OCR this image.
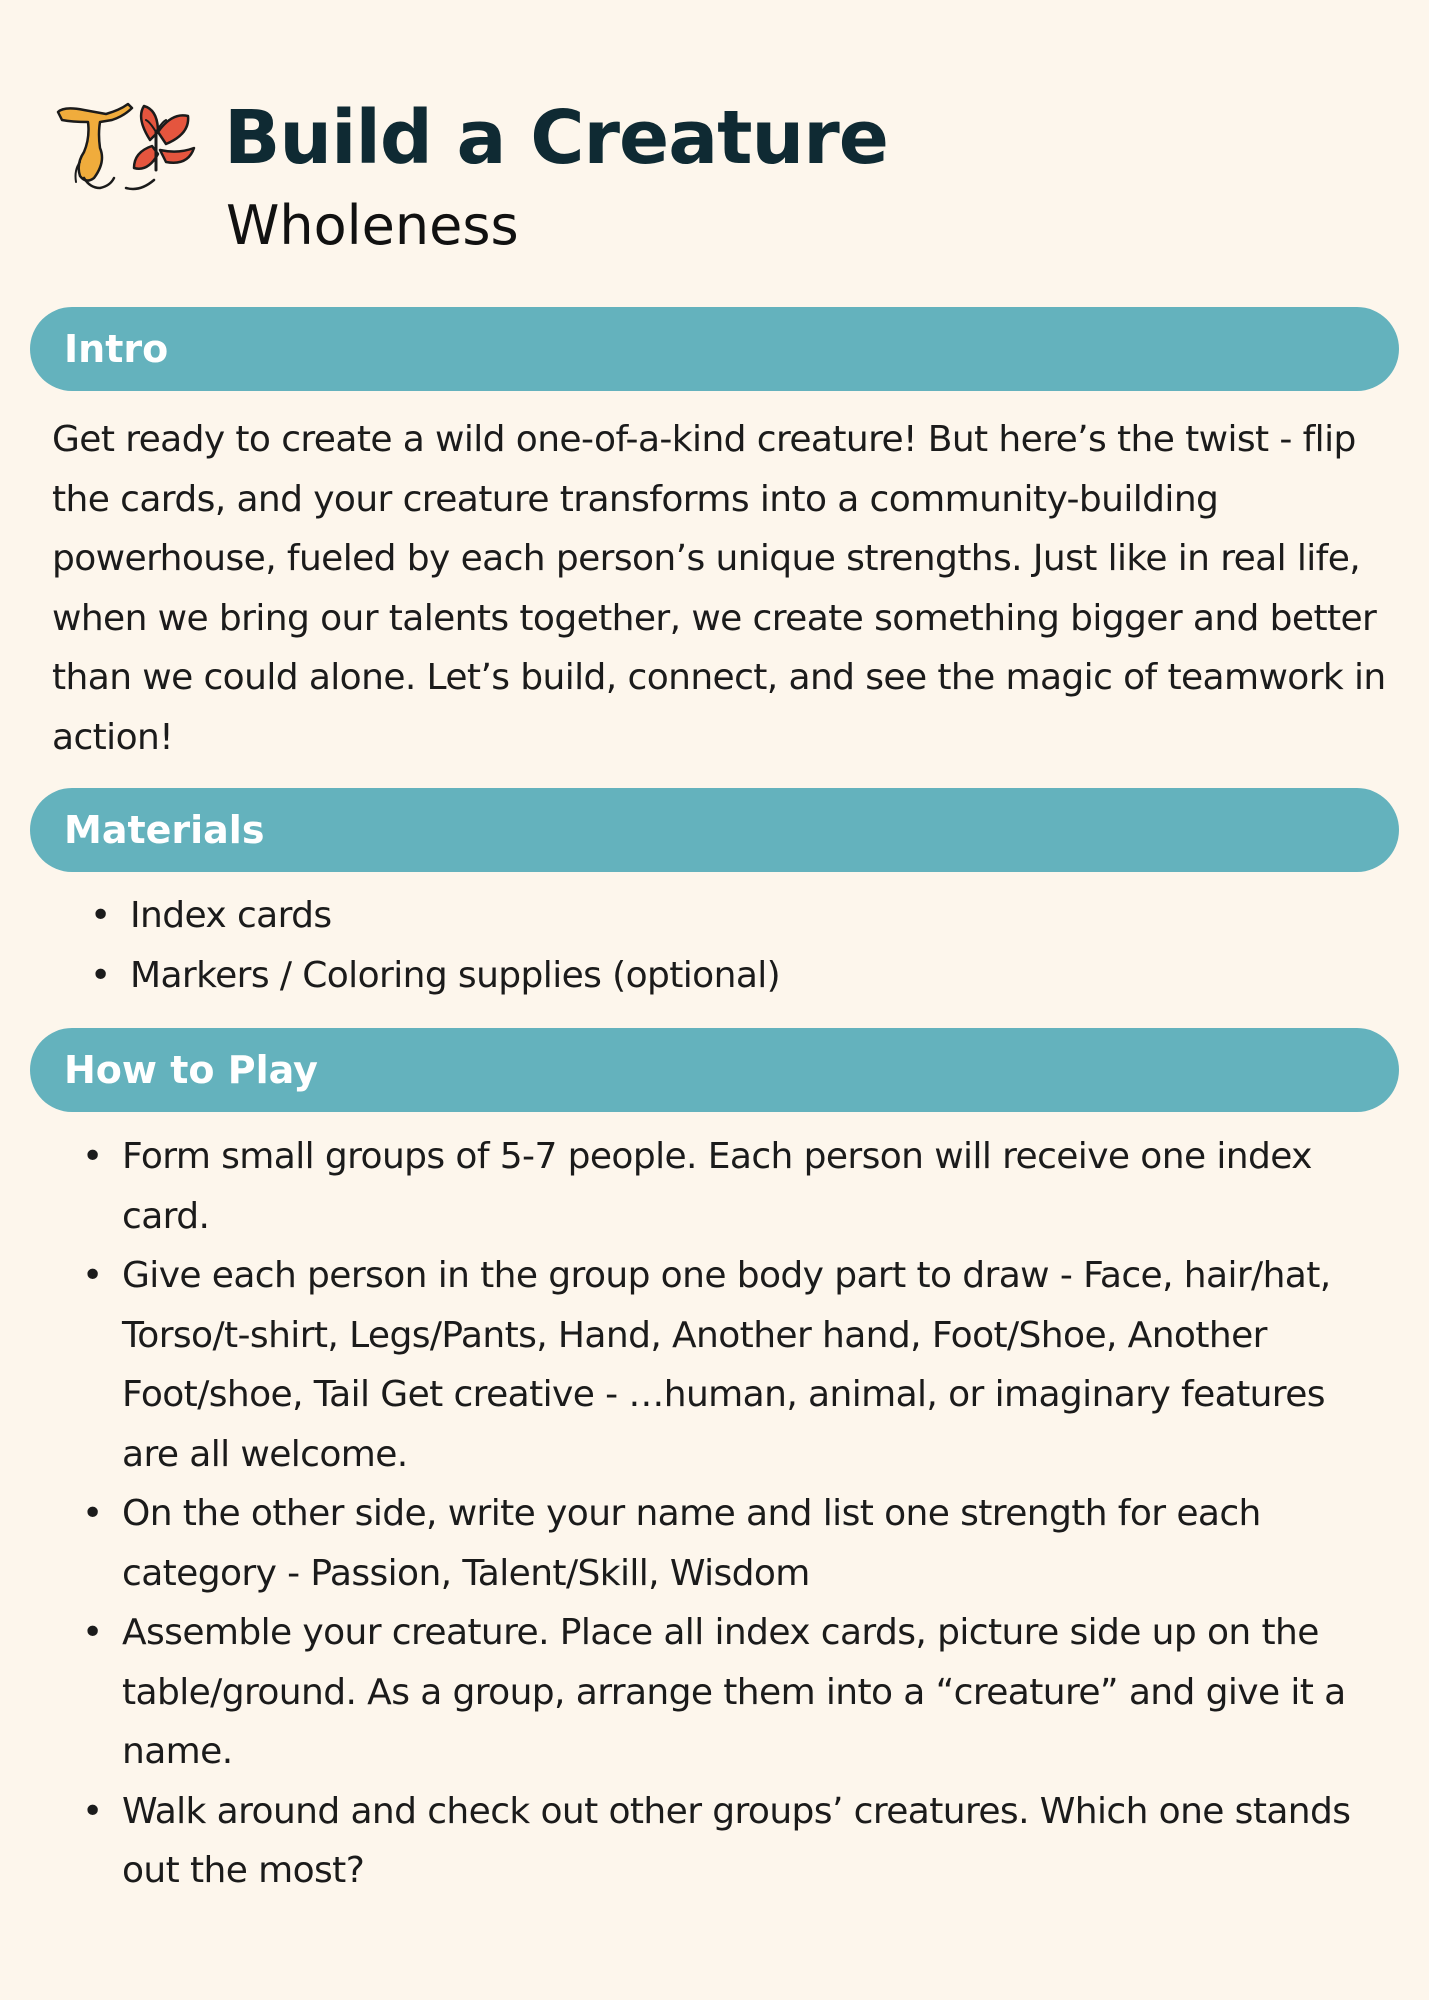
Build a Creature

Wholeness

Intro

Get ready to create a wild one-of-a-kind creature! But here’s the twist - flip the cards, and your creature transforms into a community-building powerhouse, fueled by each person’s unique strengths. Just like in real life, when we bring our talents together, we create something bigger and better than we could alone. Let’s build, connect, and see the magic of teamwork in action!

Materials
• Index cards
• Markers / Coloring supplies (optional)
How to Play
• Form small groups of 5-7 people. Each person will receive one index card.
• Give each person in the group one body part to draw - Face, hair/hat, Torso/t-shirt, Legs/Pants, Hand, Another hand, Foot/Shoe, Another Foot/shoe, Tail Get creative - …human, animal, or imaginary features are all welcome.
• On the other side, write your name and list one strength for each category - Passion, Talent/Skill, Wisdom
• Assemble your creature. Place all index cards, picture side up on the table/ground. As a group, arrange them into a “creature” and give it a name.
• Walk around and check out other groups’ creatures. Which one stands out the most?
